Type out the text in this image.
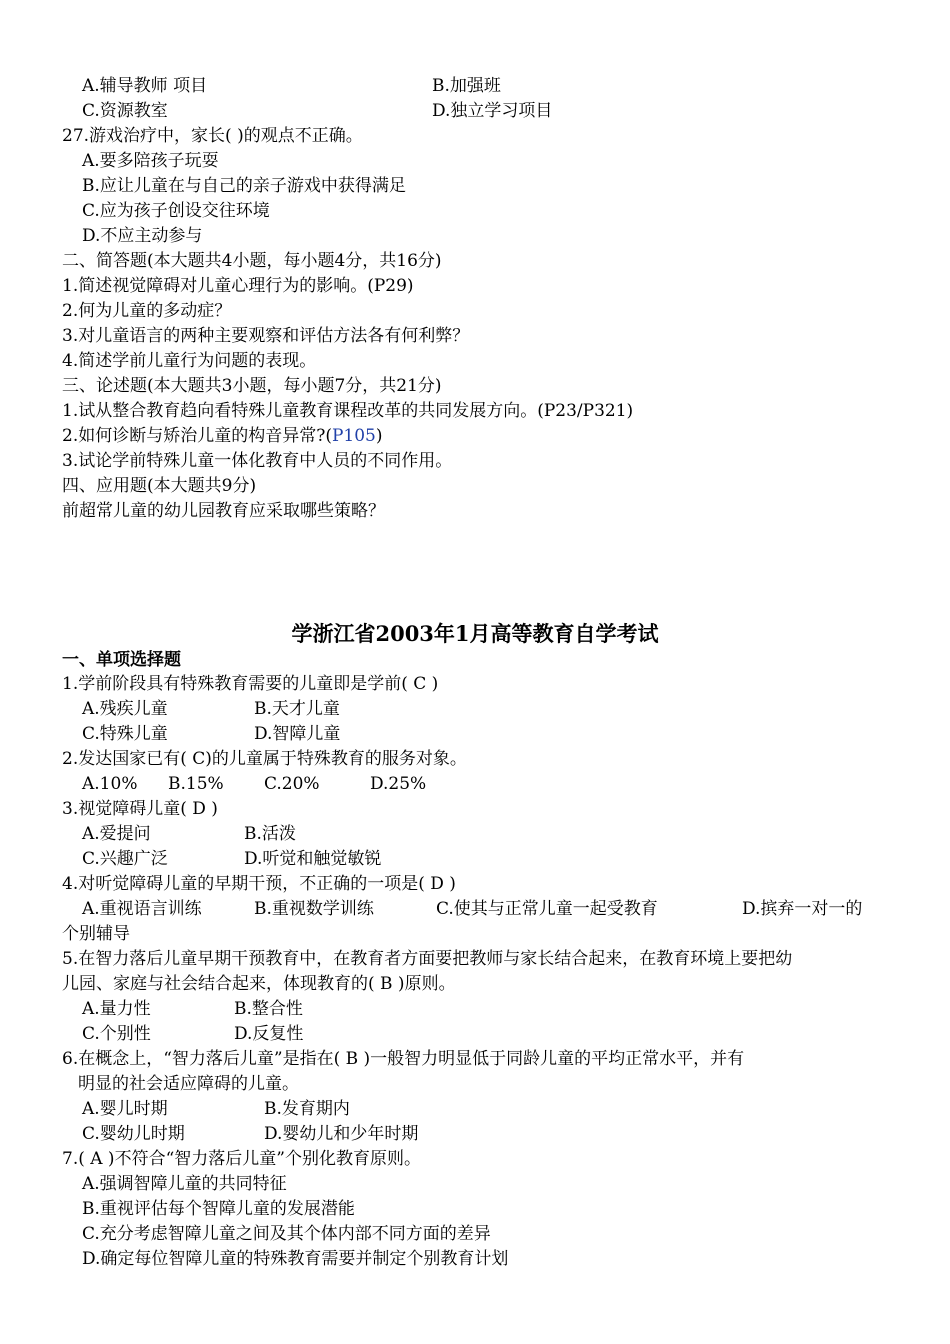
A.辅导教师 项目	B.加强班
C.资源教室	D.独立学习项目
27.游戏治疗中，家长( )的观点不正确。
A.要多陪孩子玩耍
B.应让儿童在与自己的亲子游戏中获得满足
C.应为孩子创设交往环境
D.不应主动参与
二、简答题(本大题共4小题，每小题4分，共16分)
1.简述视觉障碍对儿童心理行为的影响。(P29)
2.何为儿童的多动症？
3.对儿童语言的两种主要观察和评估方法各有何利弊？
4.简述学前儿童行为问题的表现。
三、论述题(本大题共3小题，每小题7分，共21分)
1.试从整合教育趋向看特殊儿童教育课程改革的共同发展方向。(P23/P321)
2.如何诊断与矫治儿童的构音异常?(P105)
3.试论学前特殊儿童一体化教育中人员的不同作用。
四、应用题(本大题共9分)
前超常儿童的幼儿园教育应采取哪些策略？
学浙江省2003年1月高等教育自学考试
一、单项选择题
1.学前阶段具有特殊教育需要的儿童即是学前( C )
A.残疾儿童	B.天才儿童
C.特殊儿童	D.智障儿童
2.发达国家已有( C)的儿童属于特殊教育的服务对象。
A.10% B.15% C.20%	D.25%
3.视觉障碍儿童( D )
A.爱提问	B.活泼
C.兴趣广泛	D.听觉和触觉敏锐
4.对听觉障碍儿童的早期干预，不正确的一项是( D )
A.重视语言训练	B.重视数学训练	C.使其与正常儿童一起受教育	D.摈弃一对一的
个别辅导
5.在智力落后儿童早期干预教育中，在教育者方面要把教师与家长结合起来，在教育环境上要把幼
儿园、家庭与社会结合起来，体现教育的( B )原则。
A.量力性	B.整合性
C.个别性	D.反复性
6.在概念上，“智力落后儿童”是指在( B )一般智力明显低于同龄儿童的平均正常水平，并有
明显的社会适应障碍的儿童。
A.婴儿时期	B.发育期内
C.婴幼儿时期	D.婴幼儿和少年时期
7.( A )不符合“智力落后儿童”个别化教育原则。
A.强调智障儿童的共同特征
B.重视评估每个智障儿童的发展潜能
C.充分考虑智障儿童之间及其个体内部不同方面的差异
D.确定每位智障儿童的特殊教育需要并制定个别教育计划
